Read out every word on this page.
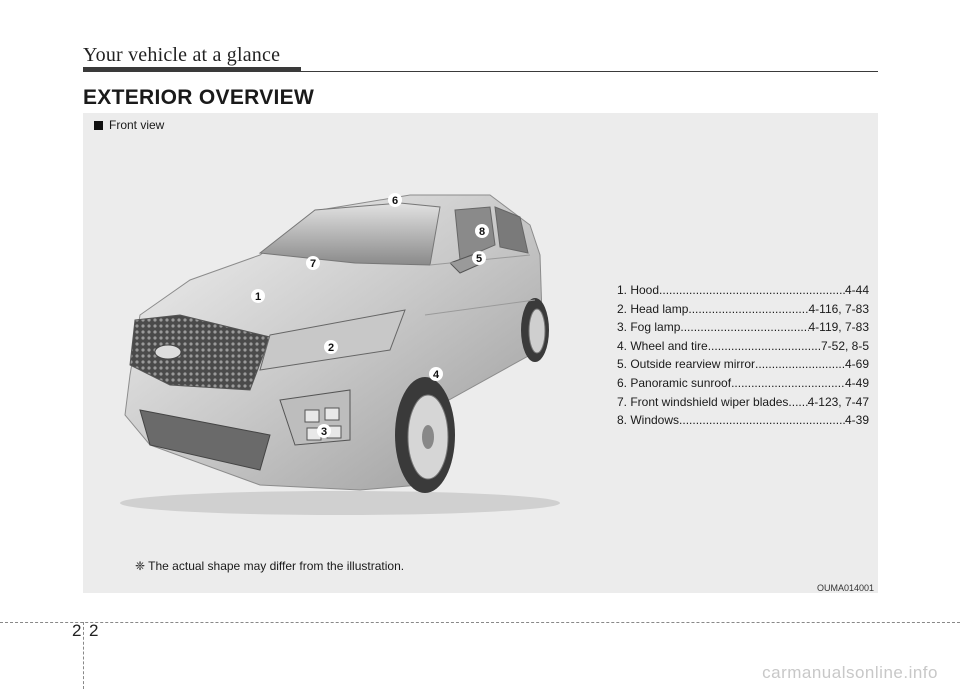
Your vehicle at a glance
EXTERIOR OVERVIEW
Front view
1
2
3
4
5
6
7
8
1. Hood .....	4-44
2. Head lamp .....	4-116, 7-83
3. Fog lamp .....	4-119, 7-83
4. Wheel and tire .....	7-52, 8-5
5. Outside rearview mirror .....	4-69
6. Panoramic sunroof .....	4-49
7. Front windshield wiper blades ..... 4-123, 7-47
8. Windows .....	4-39
❈ The actual shape may differ from the illustration.
OUMA014001
2 2
carmanualsonline.info
